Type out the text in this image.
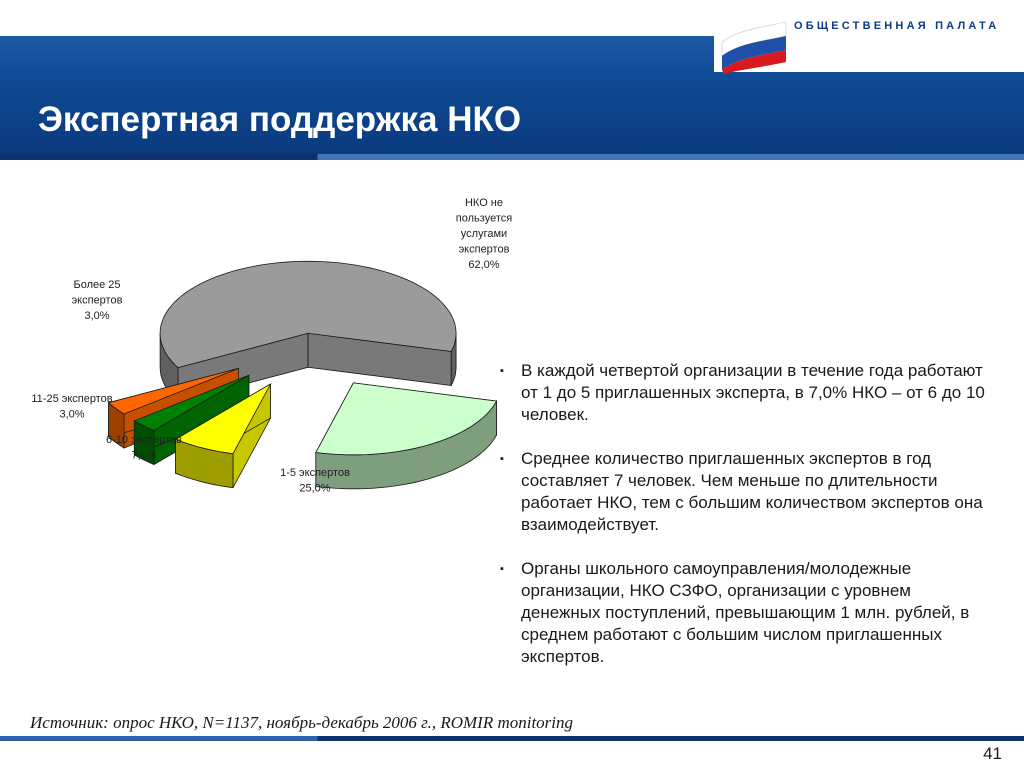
ОБЩЕСТВЕННАЯ ПАЛАТА
РОССИЙСКОЙ ФЕДЕРАЦИИ
Экспертная поддержка НКО
НКО не пользуется услугами экспертов 62,0%
1-5 экспертов 25,0%
6-10 экспертов 7,0%
11-25 экспертов 3,0%
Более 25 экспертов 3,0%
▪ В каждой четвертой организации в течение года работают от 1 до 5 приглашенных эксперта, в 7,0% НКО – от 6 до 10 человек.
▪ Среднее количество приглашенных экспертов в год составляет 7 человек. Чем меньше по длительности работает НКО, тем с большим количеством экспертов она взаимодействует.
▪ Органы школьного самоуправления/молодежные организации, НКО СЗФО, организации с уровнем денежных поступлений, превышающим 1 млн. рублей, в среднем работают с большим числом приглашенных экспертов.
Источник: опрос НКО, N=1137, ноябрь-декабрь 2006 г., ROMIR monitoring
41
